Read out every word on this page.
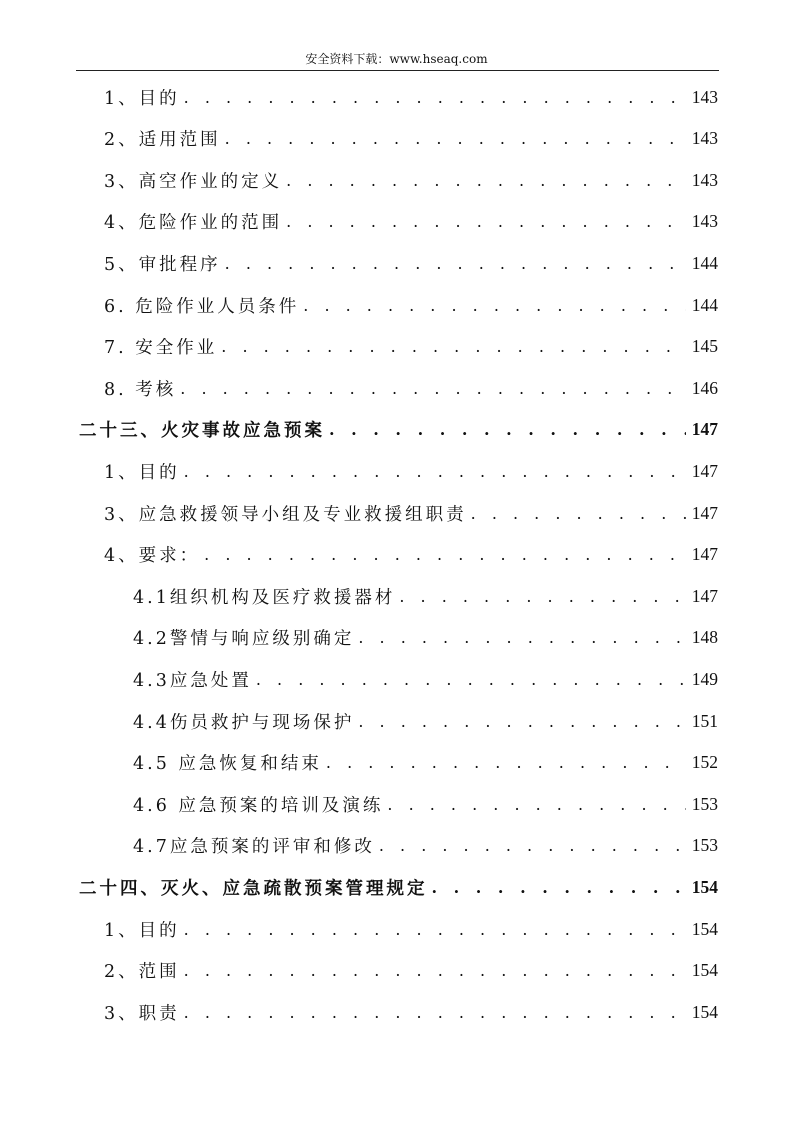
安全资料下载：www.hseaq.com
1、目的 . . .	143
2、适用范围 . . .	143
3、高空作业的定义 . . .	143
4、危险作业的范围 . . .	143
5、审批程序 . . .	144
6. 危险作业人员条件 . . .	144
7. 安全作业 . . .	145
8. 考核 . . .	146
二十三、火灾事故应急预案 . . .	147
1、目的 . . .	147
3、应急救援领导小组及专业救援组职责 . . .	147
4、要求： . . .	147
4.1组织机构及医疗救援器材 . . .	147
4.2警情与响应级别确定 . . .	148
4.3应急处置 . . .	149
4.4伤员救护与现场保护 . . .	151
4.5 应急恢复和结束 . . .	152
4.6 应急预案的培训及演练 . . .	153
4.7应急预案的评审和修改 . . .	153
二十四、灭火、应急疏散预案管理规定 . . .	154
1、目的 . . .	154
2、范围 . . .	154
3、职责 . . .	154
